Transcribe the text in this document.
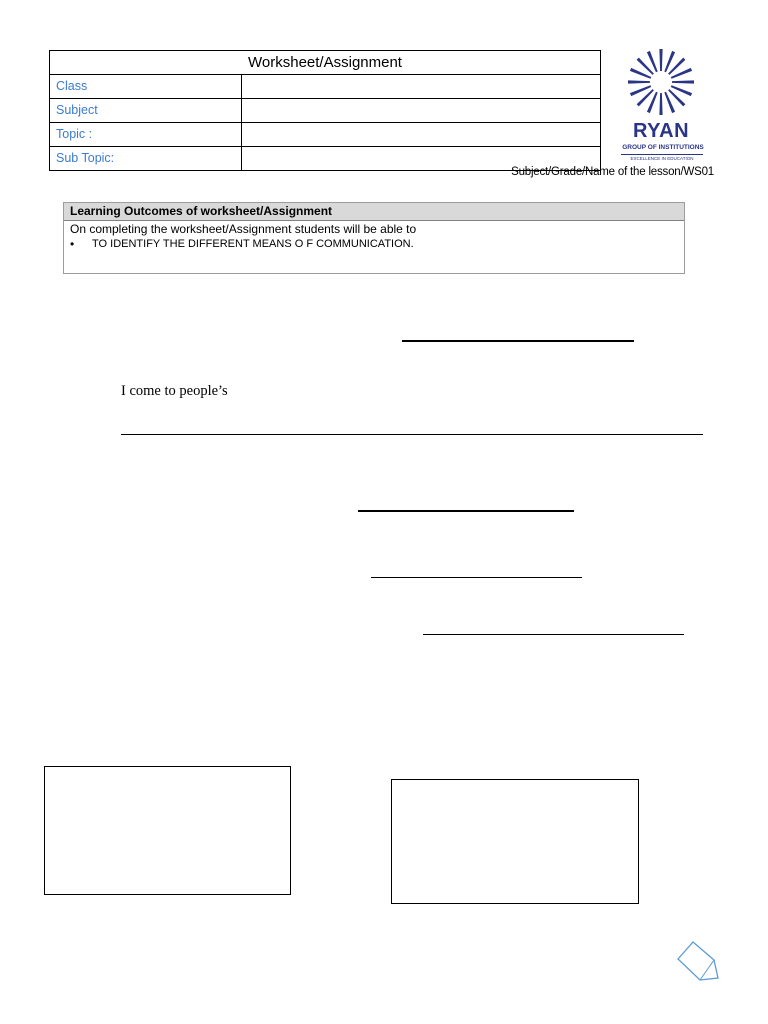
Worksheet/Assignment
Class
Subject
Topic :
Sub Topic:
RYAN
GROUP OF INSTITUTIONS
EXCELLENCE IN EDUCATION
Subject/Grade/Name of the lesson/WS01
Learning Outcomes of worksheet/Assignment
On completing the worksheet/Assignment students will be able to
•	TO IDENTIFY THE DIFFERENT MEANS O F COMMUNICATION.
I come to people’s
